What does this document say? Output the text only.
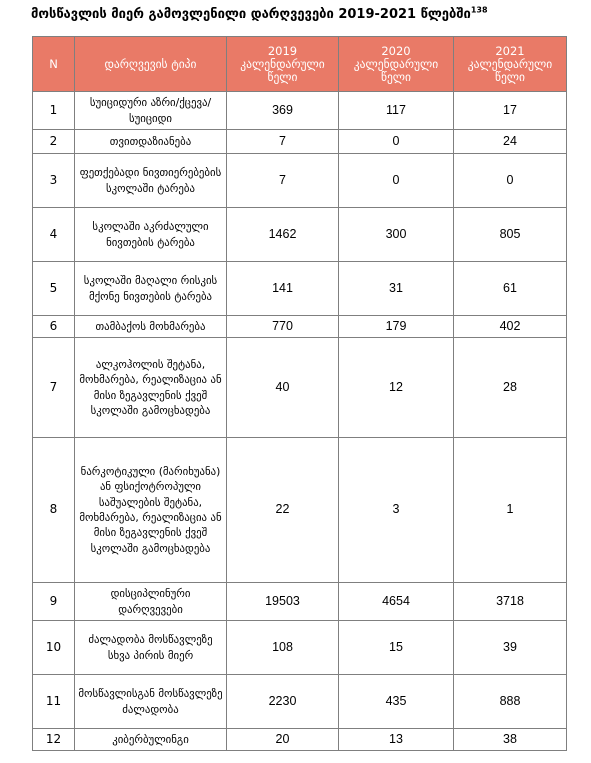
მოსწავლის მიერ გამოვლენილი დარღვევები 2019-2021 წლებში$^{138}$
N	დარღვევის ტიპი	2019 კალენდარული წელი	2020 კალენდარული წელი	2021 კალენდარული წელი
1	სუიციდური აზრი/ქცევა/სუიციდი	369	117	17
2	თვითდაზიანება	7	0	24
3	ფეთქებადი ნივთიერებების სკოლაში ტარება	7	0	0
4	სკოლაში აკრძალული ნივთების ტარება	1462	300	805
5	სკოლაში მაღალი რისკის მქონე ნივთების ტარება	141	31	61
6	თამბაქოს მოხმარება	770	179	402
7	ალკოჰოლის შეტანა, მოხმარება, რეალიზაცია ან მისი ზეგავლენის ქვეშ სკოლაში გამოცხადება	40	12	28
8	ნარკოტიკული (მარიხუანა) ან ფსიქოტროპული საშუალების შეტანა, მოხმარება, რეალიზაცია ან მისი ზეგავლენის ქვეშ სკოლაში გამოცხადება	22	3	1
9	დისციპლინური დარღვევები	19503	4654	3718
10	ძალადობა მოსწავლეზე სხვა პირის მიერ	108	15	39
11	მოსწავლისგან მოსწავლეზე ძალადობა	2230	435	888
12	კიბერბულინგი	20	13	38
